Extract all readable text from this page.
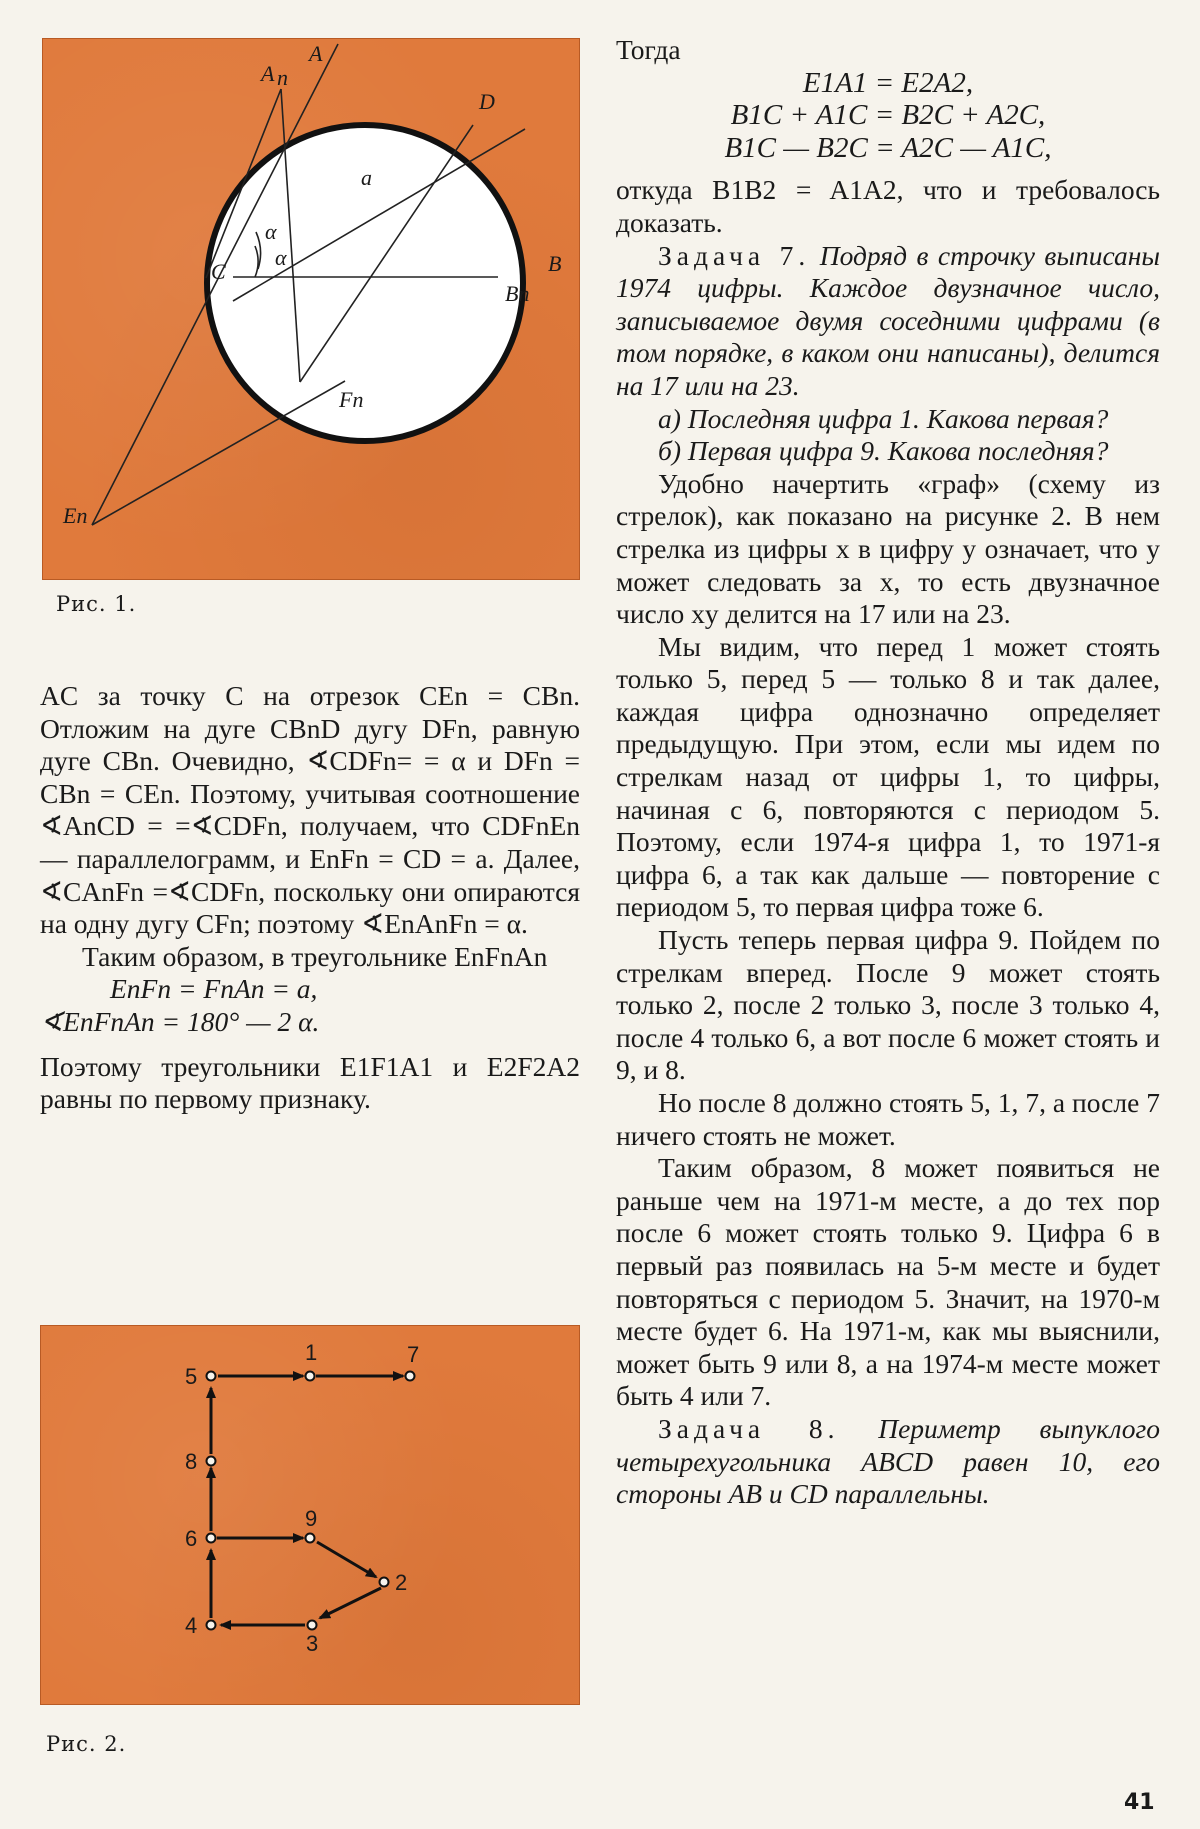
A
A n
D
a
α
α
C	B
Bn
Fn
En
Рис. 1.
5
1	7
8
6
9
2
4
3
Рис. 2.

AC за точку C на отрезок CEn = CBn. Отложим на дуге CBnD дугу DFn, равную дуге CBn. Очевидно, ∢CDFn= = α и DFn = CBn = CEn. Поэтому, учитывая соотношение ∢AnCD = =∢CDFn, получаем, что CDFnEn — параллелограмм, и EnFn = CD = a. Далее, ∢CAnFn =∢CDFn, поскольку они опираются на одну дугу CFn; поэтому ∢EnAnFn = α.

Таким образом, в треугольнике EnFnAn

EnFn = FnAn = a,

∢EnFnAn = 180° — 2 α.

Поэтому треугольники E1F1A1 и E2F2A2 равны по первому признаку.

Тогда

E1A1 = E2A2,

B1C + A1C = B2C + A2C,

B1C — B2C = A2C — A1C,

откуда B1B2 = A1A2, что и требовалось доказать.

Задача 7. Подряд в строчку выписаны 1974 цифры. Каждое двузначное число, записываемое двумя соседними цифрами (в том порядке, в каком они написаны), делится на 17 или на 23.

а) Последняя цифра 1. Какова первая?

б) Первая цифра 9. Какова последняя?

Удобно начертить «граф» (схему из стрелок), как показано на рисунке 2. В нем стрелка из цифры x в цифру y означает, что y может следовать за x, то есть двузначное число xy делится на 17 или на 23.

Мы видим, что перед 1 может стоять только 5, перед 5 — только 8 и так далее, каждая цифра однозначно определяет предыдущую. При этом, если мы идем по стрелкам назад от цифры 1, то цифры, начиная с 6, повторяются с периодом 5. Поэтому, если 1974-я цифра 1, то 1971-я цифра 6, а так как дальше — повторение с периодом 5, то первая цифра тоже 6.

Пусть теперь первая цифра 9. Пойдем по стрелкам вперед. После 9 может стоять только 2, после 2 только 3, после 3 только 4, после 4 только 6, а вот после 6 может стоять и 9, и 8.

Но после 8 должно стоять 5, 1, 7, а после 7 ничего стоять не может.

Таким образом, 8 может появиться не раньше чем на 1971-м месте, а до тех пор после 6 может стоять только 9. Цифра 6 в первый раз появилась на 5-м месте и будет повторяться с периодом 5. Значит, на 1970-м месте будет 6. На 1971-м, как мы выяснили, может быть 9 или 8, а на 1974-м месте может быть 4 или 7.

Задача 8. Периметр выпуклого четырехугольника ABCD равен 10, его стороны AB и CD параллельны.

41
